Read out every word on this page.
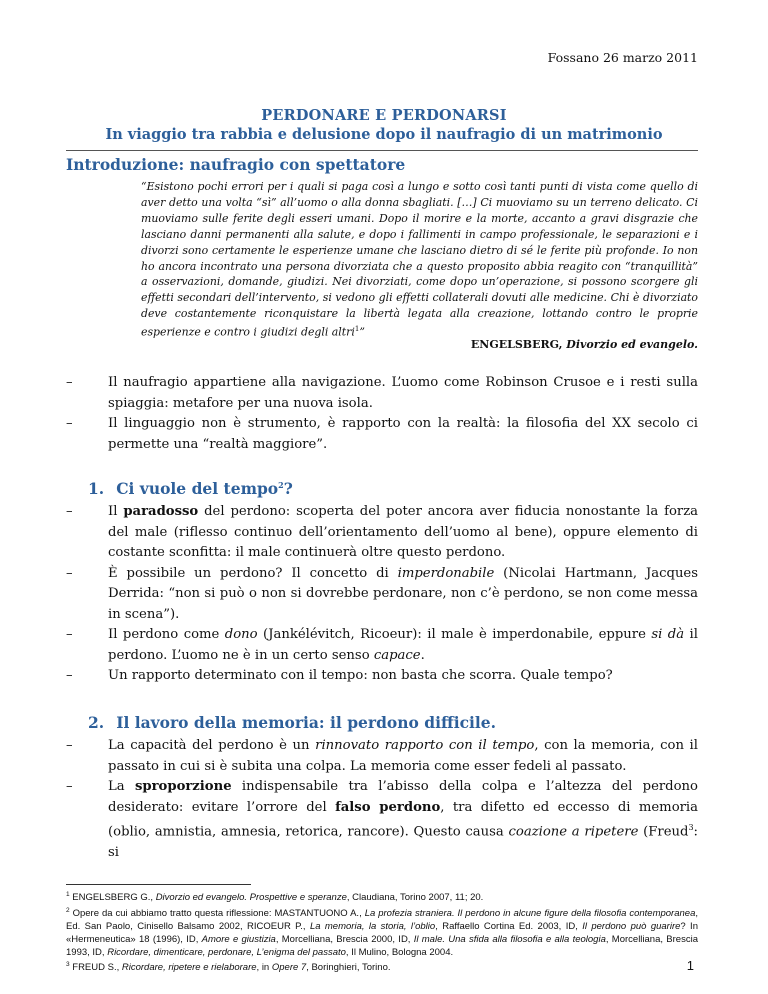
Fossano 26 marzo 2011
PERDONARE E PERDONARSI
In viaggio tra rabbia e delusione dopo il naufragio di un matrimonio
Introduzione: naufragio con spettatore
“Esistono pochi errori per i quali si paga così a lungo e sotto così tanti punti di vista come quello di aver detto una volta “sì” all’uomo o alla donna sbagliati. […] Ci muoviamo su un terreno delicato. Ci muoviamo sulle ferite degli esseri umani. Dopo il morire e la morte, accanto a gravi disgrazie che lasciano danni permanenti alla salute, e dopo i fallimenti in campo professionale, le separazioni e i divorzi sono certamente le esperienze umane che lasciano dietro di sé le ferite più profonde. Io non ho ancora incontrato una persona divorziata che a questo proposito abbia reagito con “tranquillità” a osservazioni, domande, giudizi. Nei divorziati, come dopo un’operazione, si possono scorgere gli effetti secondari dell’intervento, si vedono gli effetti collaterali dovuti alle medicine. Chi è divorziato deve costantemente riconquistare la libertà legata alla creazione, lottando contro le proprie esperienze e contro i giudizi degli altri$^1$”
ENGELSBERG, Divorzio ed evangelo.
–	Il naufragio appartiene alla navigazione. L’uomo come Robinson Crusoe e i resti sulla spiaggia: metafore per una nuova isola.
–	Il linguaggio non è strumento, è rapporto con la realtà: la filosofia del XX secolo ci permette una “realtà maggiore”.
1. Ci vuole del tempo$^2$?
–	Il paradosso del perdono: scoperta del poter ancora aver fiducia nonostante la forza del male (riflesso continuo dell’orientamento dell’uomo al bene), oppure elemento di costante sconfitta: il male continuerà oltre questo perdono.
–	È possibile un perdono? Il concetto di imperdonabile (Nicolai Hartmann, Jacques Derrida: “non si può o non si dovrebbe perdonare, non c’è perdono, se non come messa in scena”).
–	Il perdono come dono (Jankélévitch, Ricoeur): il male è imperdonabile, eppure si dà il perdono. L’uomo ne è in un certo senso capace.
–	Un rapporto determinato con il tempo: non basta che scorra. Quale tempo?
2. Il lavoro della memoria: il perdono difficile.
–	La capacità del perdono è un rinnovato rapporto con il tempo, con la memoria, con il passato in cui si è subita una colpa. La memoria come esser fedeli al passato.
–	La sproporzione indispensabile tra l’abisso della colpa e l’altezza del perdono desiderato: evitare l’orrore del falso perdono, tra difetto ed eccesso di memoria (oblio, amnistia, amnesia, retorica, rancore). Questo causa coazione a ripetere (Freud$^3$: si
$^1$ ENGELSBERG G., Divorzio ed evangelo. Prospettive e speranze, Claudiana, Torino 2007, 11; 20.
$^2$ Opere da cui abbiamo tratto questa riflessione: MASTANTUONO A., La profezia straniera. Il perdono in alcune figure della filosofia contemporanea, Ed. San Paolo, Cinisello Balsamo 2002, RICOEUR P., La memoria, la storia, l’oblio, Raffaello Cortina Ed. 2003, ID, Il perdono può guarire? In «Hermeneutica» 18 (1996), ID, Amore e giustizia, Morcelliana, Brescia 2000, ID, Il male. Una sfida alla filosofia e alla teologia, Morcelliana, Brescia 1993, ID, Ricordare, dimenticare, perdonare, L’enigma del passato, Il Mulino, Bologna 2004.
$^3$ FREUD S., Ricordare, ripetere e rielaborare, in Opere 7, Boringhieri, Torino.	1
